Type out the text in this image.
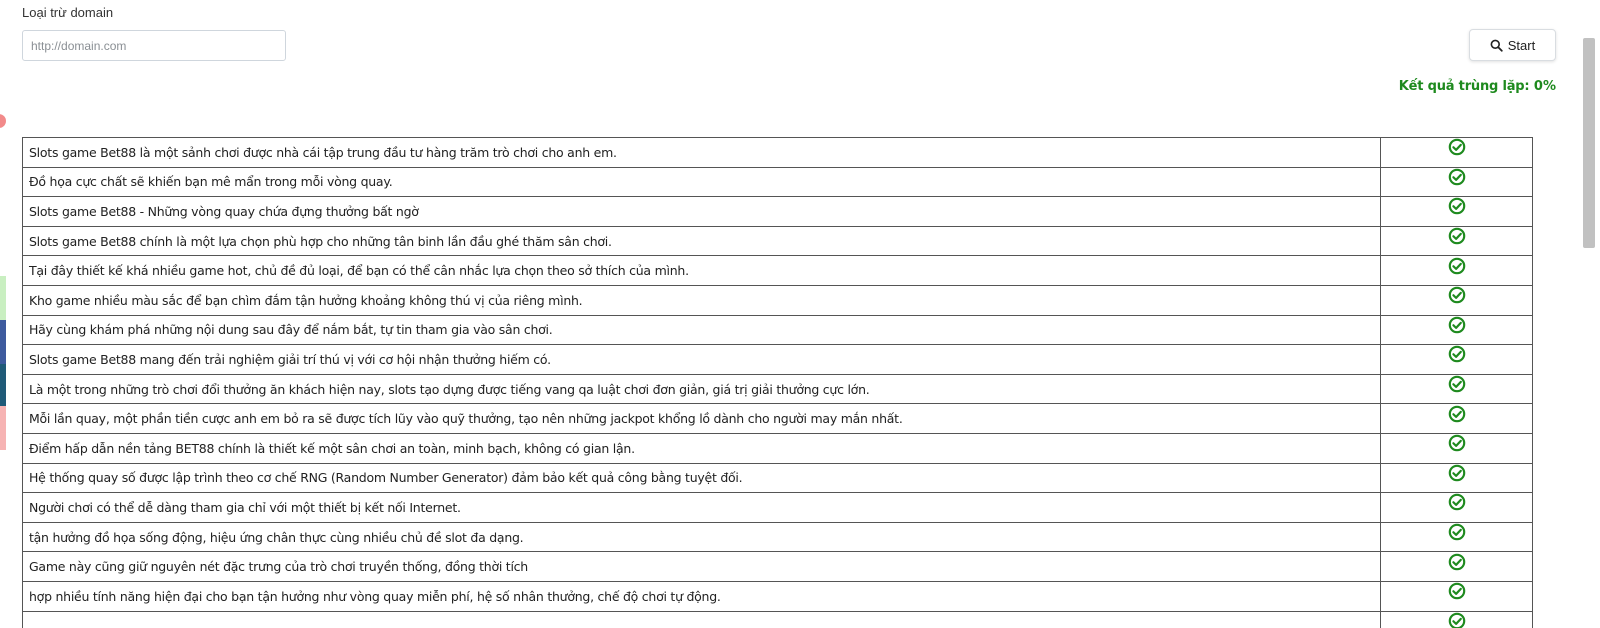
Loại trừ domain
http://domain.com
Start
Kết quả trùng lặp: 0%
Slots game Bet88 là một sảnh chơi được nhà cái tập trung đầu tư hàng trăm trò chơi cho anh em.	
Đồ họa cực chất sẽ khiến bạn mê mẩn trong mỗi vòng quay.	
Slots game Bet88 - Những vòng quay chứa đựng thưởng bất ngờ	
Slots game Bet88 chính là một lựa chọn phù hợp cho những tân binh lần đầu ghé thăm sân chơi.	
Tại đây thiết kế khá nhiều game hot, chủ đề đủ loại, để bạn có thể cân nhắc lựa chọn theo sở thích của mình.	
Kho game nhiều màu sắc để bạn chìm đắm tận hưởng khoảng không thú vị của riêng mình.	
Hãy cùng khám phá những nội dung sau đây để nắm bắt, tự tin tham gia vào sân chơi.	
Slots game Bet88 mang đến trải nghiệm giải trí thú vị với cơ hội nhận thưởng hiếm có.	
Là một trong những trò chơi đổi thưởng ăn khách hiện nay, slots tạo dựng được tiếng vang qa luật chơi đơn giản, giá trị giải thưởng cực lớn.	
Mỗi lần quay, một phần tiền cược anh em bỏ ra sẽ được tích lũy vào quỹ thưởng, tạo nên những jackpot khổng lồ dành cho người may mắn nhất.	
Điểm hấp dẫn nền tảng BET88 chính là thiết kế một sân chơi an toàn, minh bạch, không có gian lận.	
Hệ thống quay số được lập trình theo cơ chế RNG (Random Number Generator) đảm bảo kết quả công bằng tuyệt đối.	
Người chơi có thể dễ dàng tham gia chỉ với một thiết bị kết nối Internet.	
tận hưởng đồ họa sống động, hiệu ứng chân thực cùng nhiều chủ đề slot đa dạng.	
Game này cũng giữ nguyên nét đặc trưng của trò chơi truyền thống, đồng thời tích	
hợp nhiều tính năng hiện đại cho bạn tận hưởng như vòng quay miễn phí, hệ số nhân thưởng, chế độ chơi tự động.	
